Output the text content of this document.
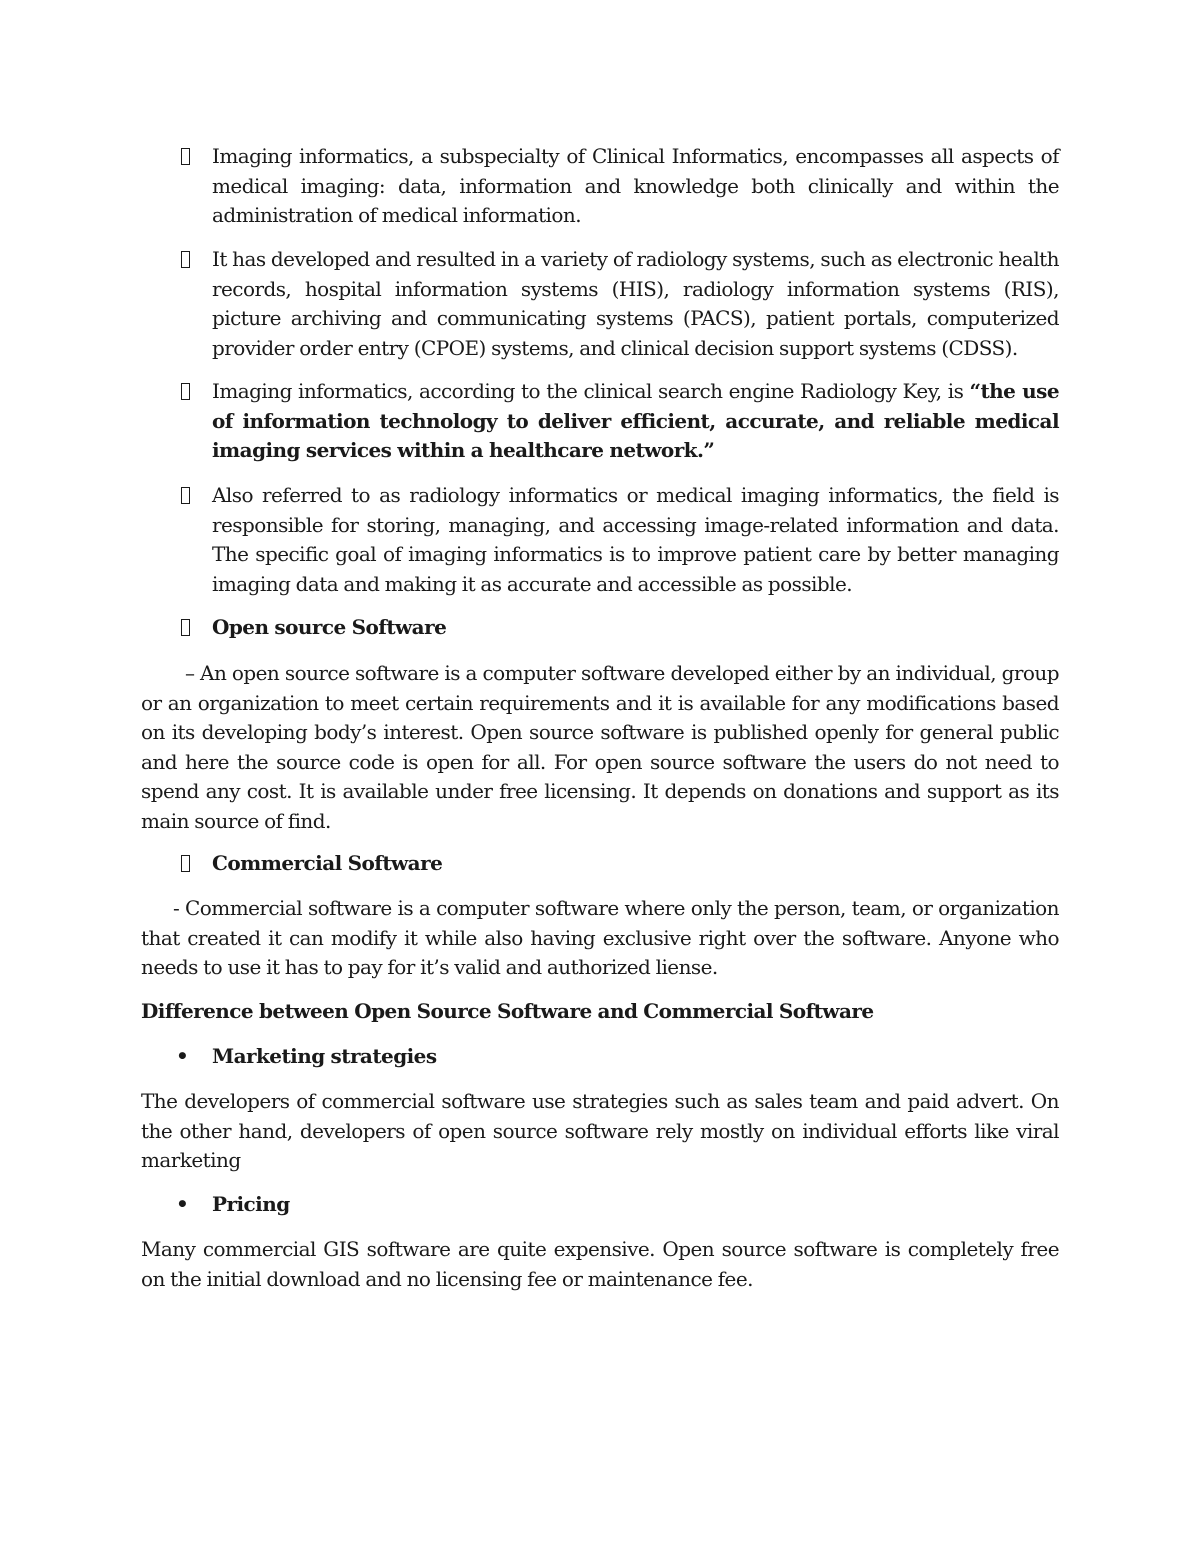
Imaging informatics, a subspecialty of Clinical Informatics, encompasses all aspects of medical imaging: data, information and knowledge both clinically and within the administration of medical information.
It has developed and resulted in a variety of radiology systems, such as electronic health records, hospital information systems (HIS), radiology information systems (RIS), picture archiving and communicating systems (PACS), patient portals, computerized provider order entry (CPOE) systems, and clinical decision support systems (CDSS).
Imaging informatics, according to the clinical search engine Radiology Key, is “the use of information technology to deliver efficient, accurate, and reliable medical imaging services within a healthcare network.”
Also referred to as radiology informatics or medical imaging informatics, the field is responsible for storing, managing, and accessing image-related information and data. The specific goal of imaging informatics is to improve patient care by better managing imaging data and making it as accurate and accessible as possible.
Open source Software
– An open source software is a computer software developed either by an individual, group or an organization to meet certain requirements and it is available for any modifications based on its developing body’s interest. Open source software is published openly for general public and here the source code is open for all. For open source software the users do not need to spend any cost. It is available under free licensing. It depends on donations and support as its main source of find.
Commercial Software
- Commercial software is a computer software where only the person, team, or organization that created it can modify it while also having exclusive right over the software. Anyone who needs to use it has to pay for it’s valid and authorized liense.
Difference between Open Source Software and Commercial Software
• Marketing strategies
The developers of commercial software use strategies such as sales team and paid advert. On the other hand, developers of open source software rely mostly on individual efforts like viral marketing
• Pricing
Many commercial GIS software are quite expensive. Open source software is completely free on the initial download and no licensing fee or maintenance fee.
